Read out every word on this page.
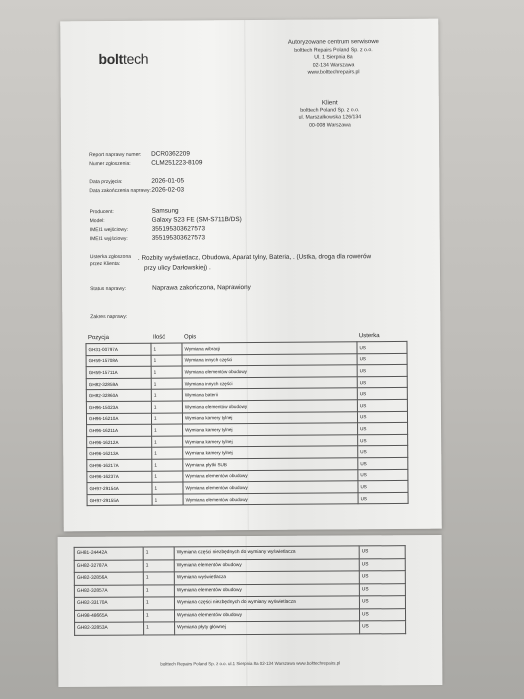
bolttech
Autoryzowane centrum serwisowe
bolttech Repairs Poland Sp. z o.o.
Ul. 1 Sierpnia 8a
02-134 Warszawa
www.bolttechrepairs.pl
Klient
bolttech Poland Sp. z o.o.
ul. Marszałkowska 126/134
00-008 Warszawa
Report naprawy numer: DCR0362209
Numer zgłoszenia:	CLM251223-8109
Data przyjęcia:	2026-01-05
Data zakończenia naprawy:2026-02-03
Producent:	Samsung
Model:	Galaxy S23 FE (SM-S711B/DS)
IMEI1 wejściowy:	355195303627573
IMEI1 wyjściowy:	355195303627573
Usterka zgłoszona przez Klienta:
. Rozbity wyświetlacz, Obudowa, Aparat tylny, Bateria, . (Ustka, droga dla rowerów
przy ulicy Darłowskiej) .
Status naprawy:	Naprawa zakończona, Naprawiony
Zakres naprawy:
Pozycja	Ilość	Opis	Usterka
GH31-00797A	1	Wymiana wibracji	US
GH59-15708A	1	Wymiana innych części	US
GH59-15711A	1	Wymiana elementów obudowy	US
GH82-32859A	1	Wymiana innych części	US
GH82-32860A	1	Wymiana baterii	US
GH96-15023A	1	Wymiana elementów obudowy	US
GH96-16210A	1	Wymiana kamery tylnej	US
GH96-16211A	1	Wymiana kamery tylnej	US
GH96-16212A	1	Wymiana kamery tylnej	US
GH96-16213A	1	Wymiana kamery tylnej	US
GH96-16217A	1	Wymiana płytki SUB	US
GH96-16237A	1	Wymiana elementów obudowy	US
GH97-29154A	1	Wymiana elementów obudowy	US
GH97-29155A	1	Wymiana elementów obudowy	US
GH81-24442A	1	Wymiana części niezbędnych do wymiany wyświetlacza	US
GH82-32787A	1	Wymiana elementów obudowy	US
GH82-32856A	1	Wymiana wyświetlacza	US
GH82-32857A	1	Wymiana elementów obudowy	US
GH82-33170A	1	Wymiana części niezbędnych do wymiany wyświetlacza	US
GH98-48665A	1	Wymiana elementów obudowy	US
GH82-32853A	1	Wymiana płyty głównej	US
bolttech Repairs Poland Sp. z o.o. ul.1 Sierpnia 8a 02-134 Warszawa www.bolttechrepairs.pl
